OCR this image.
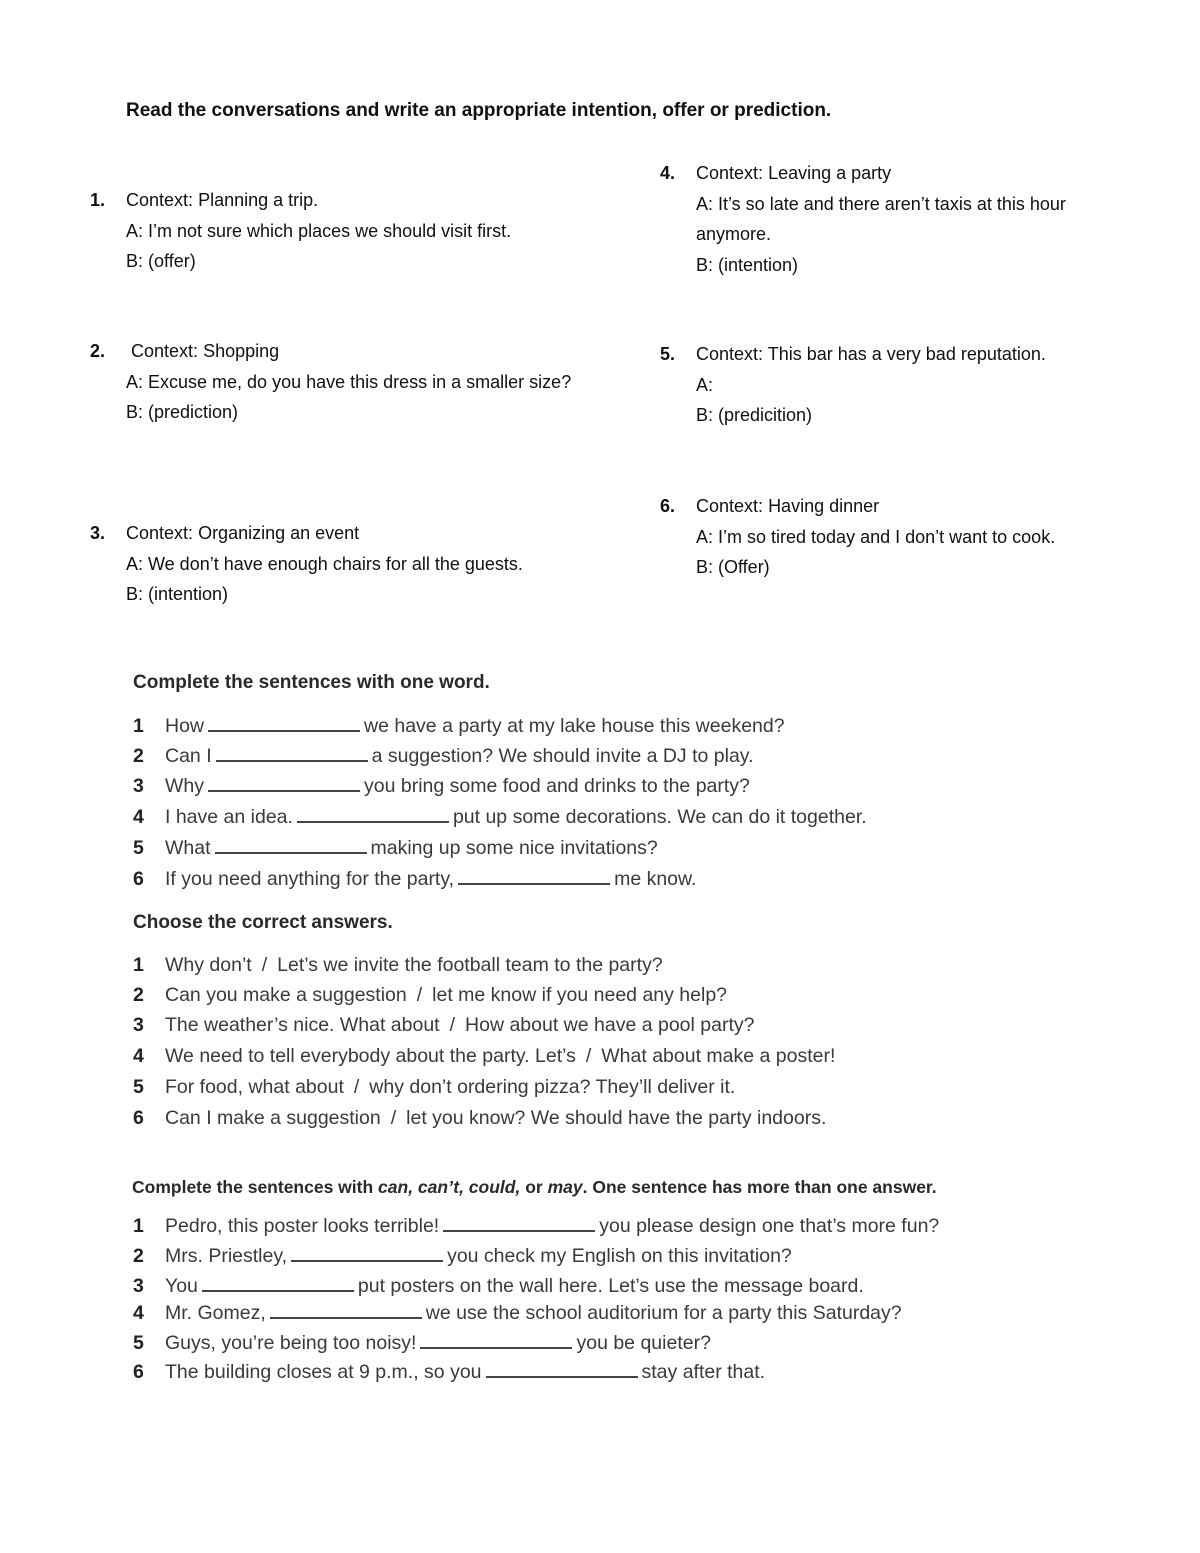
Read the conversations and write an appropriate intention, offer or prediction.
1. Context: Planning a trip.
A: I’m not sure which places we should visit first.
B: (offer)
2. Context: Shopping
A: Excuse me, do you have this dress in a smaller size?
B: (prediction)
3. Context: Organizing an event
A: We don’t have enough chairs for all the guests.
B: (intention)
4. Context: Leaving a party
A: It’s so late and there aren’t taxis at this hour anymore.
B: (intention)
5. Context: This bar has a very bad reputation.
A:
B: (predicition)
6. Context: Having dinner
A: I’m so tired today and I don’t want to cook.
B: (Offer)
Complete the sentences with one word.
1 How	we have a party at my lake house this weekend?
2 Can I	a suggestion? We should invite a DJ to play.
3 Why	you bring some food and drinks to the party?
4 I have an idea.	put up some decorations. We can do it together.
5 What	making up some nice invitations?
6 If you need anything for the party,	me know.
Choose the correct answers.
1 Why don’t / Let’s we invite the football team to the party?
2 Can you make a suggestion / let me know if you need any help?
3 The weather’s nice. What about / How about we have a pool party?
4 We need to tell everybody about the party. Let’s / What about make a poster!
5 For food, what about / why don’t ordering pizza? They’ll deliver it.
6 Can I make a suggestion / let you know? We should have the party indoors.
Complete the sentences with can, can’t, could, or may. One sentence has more than one answer.
1 Pedro, this poster looks terrible!	you please design one that’s more fun?
2 Mrs. Priestley,	you check my English on this invitation?
3 You	put posters on the wall here. Let’s use the message board.
4 Mr. Gomez,	we use the school auditorium for a party this Saturday?
5 Guys, you’re being too noisy!	you be quieter?
6 The building closes at 9 p.m., so you	stay after that.
